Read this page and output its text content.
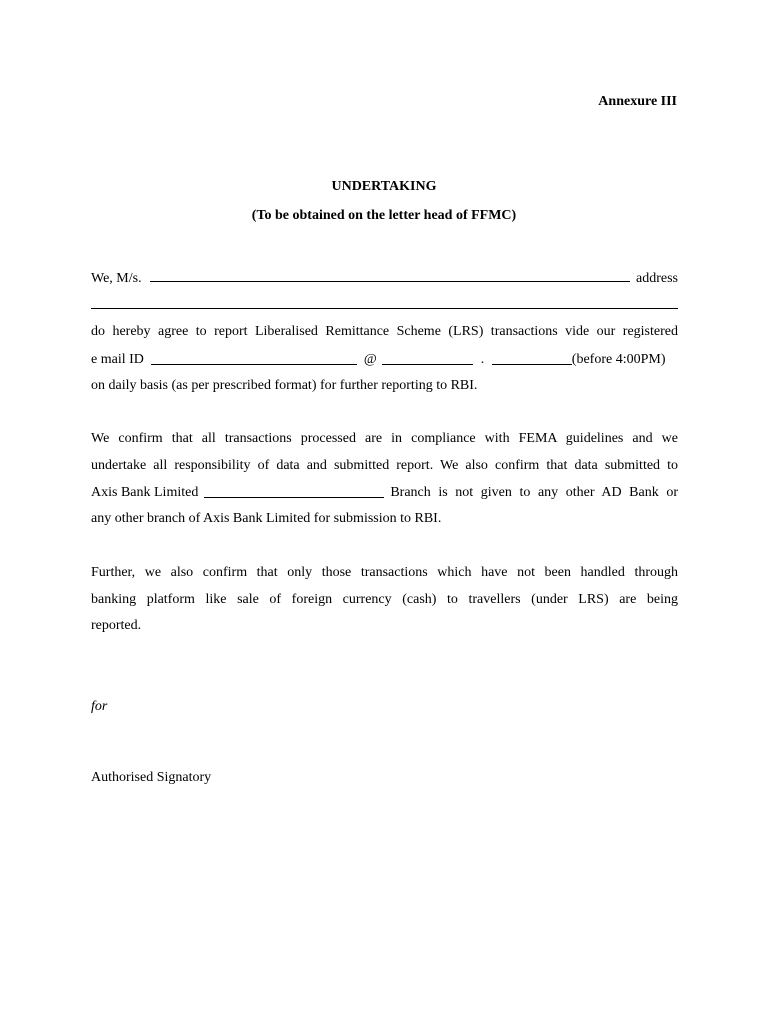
Annexure III
UNDERTAKING
(To be obtained on the letter head of FFMC)
We, M/s.	address
do hereby agree to report Liberalised Remittance Scheme (LRS) transactions vide our registered
e mail ID	@	.	(before 4:00PM)
on daily basis (as per prescribed format) for further reporting to RBI.
We confirm that all transactions processed are in compliance with FEMA guidelines and we
undertake all responsibility of data and submitted report. We also confirm that data submitted to
Axis Bank Limited	Branch is not given to any other AD Bank or
any other branch of Axis Bank Limited for submission to RBI.
Further, we also confirm that only those transactions which have not been handled through
banking platform like sale of foreign currency (cash) to travellers (under LRS) are being
reported.
for
Authorised Signatory
